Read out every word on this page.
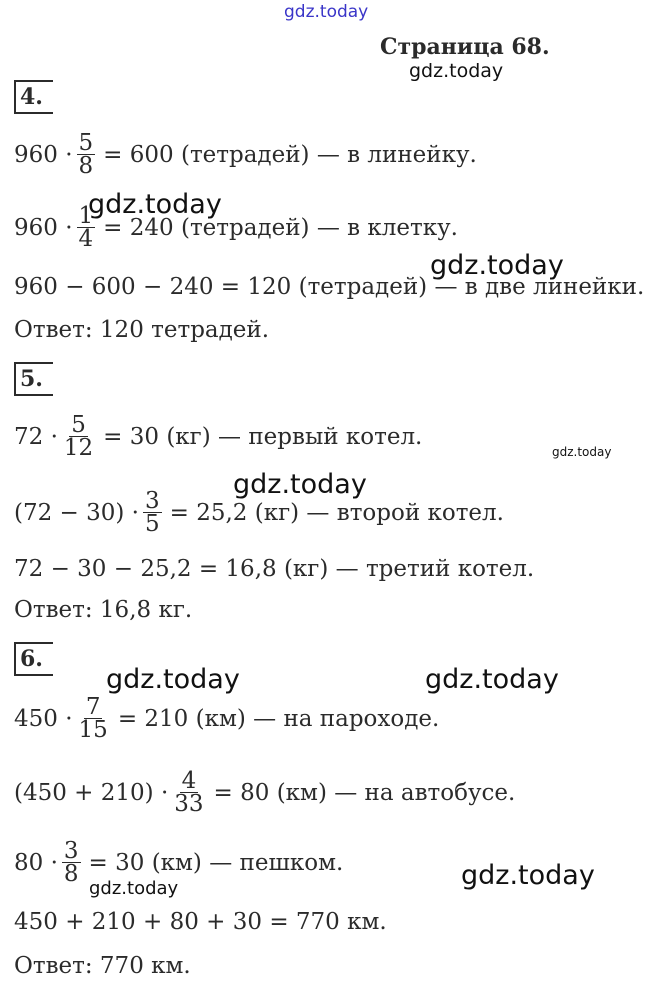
gdz.today
gdz.today
gdz.today
gdz.today
gdz.today
gdz.today
gdz.today	gdz.today
gdz.today
gdz.today
Страница 68.
4.
$960 \cdot \frac{5}{8} = 600$ (тетрадей) — в линейку.
$960 \cdot \frac{1}{4} = 240$ (тетрадей) — в клетку.
960 − 600 − 240 = 120 (тетрадей) — в две линейки.
Ответ: 120 тетрадей.
5.
$72 \cdot \frac{5}{12} = 30$ (кг) — первый котел.
$(72 - 30) \cdot \frac{3}{5} = 25,2$ (кг) — второй котел.
72 − 30 − 25,2 = 16,8 (кг) — третий котел.
Ответ: 16,8 кг.
6.
$450 \cdot \frac{7}{15} = 210$ (км) — на пароходе.
$(450 + 210) \cdot \frac{4}{33} = 80$ (км) — на автобусе.
$80 \cdot \frac{3}{8} = 30$ (км) — пешком.
450 + 210 + 80 + 30 = 770 км.
Ответ: 770 км.
